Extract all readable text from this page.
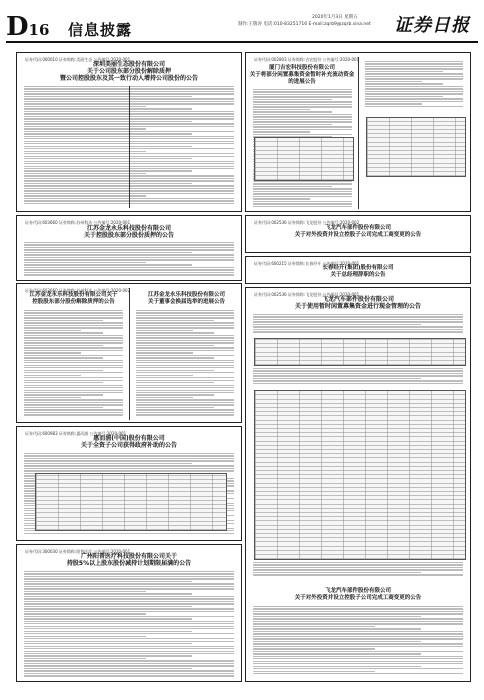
D16 信息披露
2020年1月3日 星期五
制作:王敬涛 电话:010-83251716 E-mail:zqrb9@zqrb.sina.net 证券日报
证券代码:000010 证券简称:美丽生态 公告编号:2020-001
深圳美丽生态股份有限公司
关于公司股东部分股份解除质押
暨公司控股股东及其一致行动人增持公司股份的公告
证券代码:603660 证券简称:苏州科达 公告编号:2020-001
江苏金龙永乐科技股份有限公司
关于控股股东部分股份质押的公告
证券代码:603660 证券简称:苏州科达 公告编号:2020-002
江苏金龙永乐科技股份有限公司关于
控股股东部分股份解除质押的公告
江苏金龙永乐科技股份有限公司
关于董事会换届选举的进展公告
证券代码:600983 证券简称:惠而浦 公告编号:2020-001
惠而浦(中国)股份有限公司
关于全资子公司获得政府补助的公告
证券代码:300030 证券简称:阳普医疗 公告编号:2020-001
广州阳普医疗科技股份有限公司关于
持股5%以上股东股份减持计划期限届满的公告
证券代码:002803 证券简称:吉宏股份 公告编号:2020-001
厦门吉宏科技股份有限公司
关于将部分闲置募集资金暂时补充流动资金
的进展公告
证券代码:002536 证券简称:飞龙股份 公告编号:2020-002
飞龙汽车部件股份有限公司
关于对外投资并设立控股子公司完成工商变更的公告
证券代码:600215 证券简称:长春经开 公告编号:2020-001
长春经开(集团)股份有限公司
关于总经理辞职的公告
证券代码:002536 证券简称:飞龙股份 公告编号:2020-001
飞龙汽车部件股份有限公司
关于使用暂时闲置募集资金进行现金管理的公告
飞龙汽车部件股份有限公司
关于对外投资并设立控股子公司完成工商变更的公告
